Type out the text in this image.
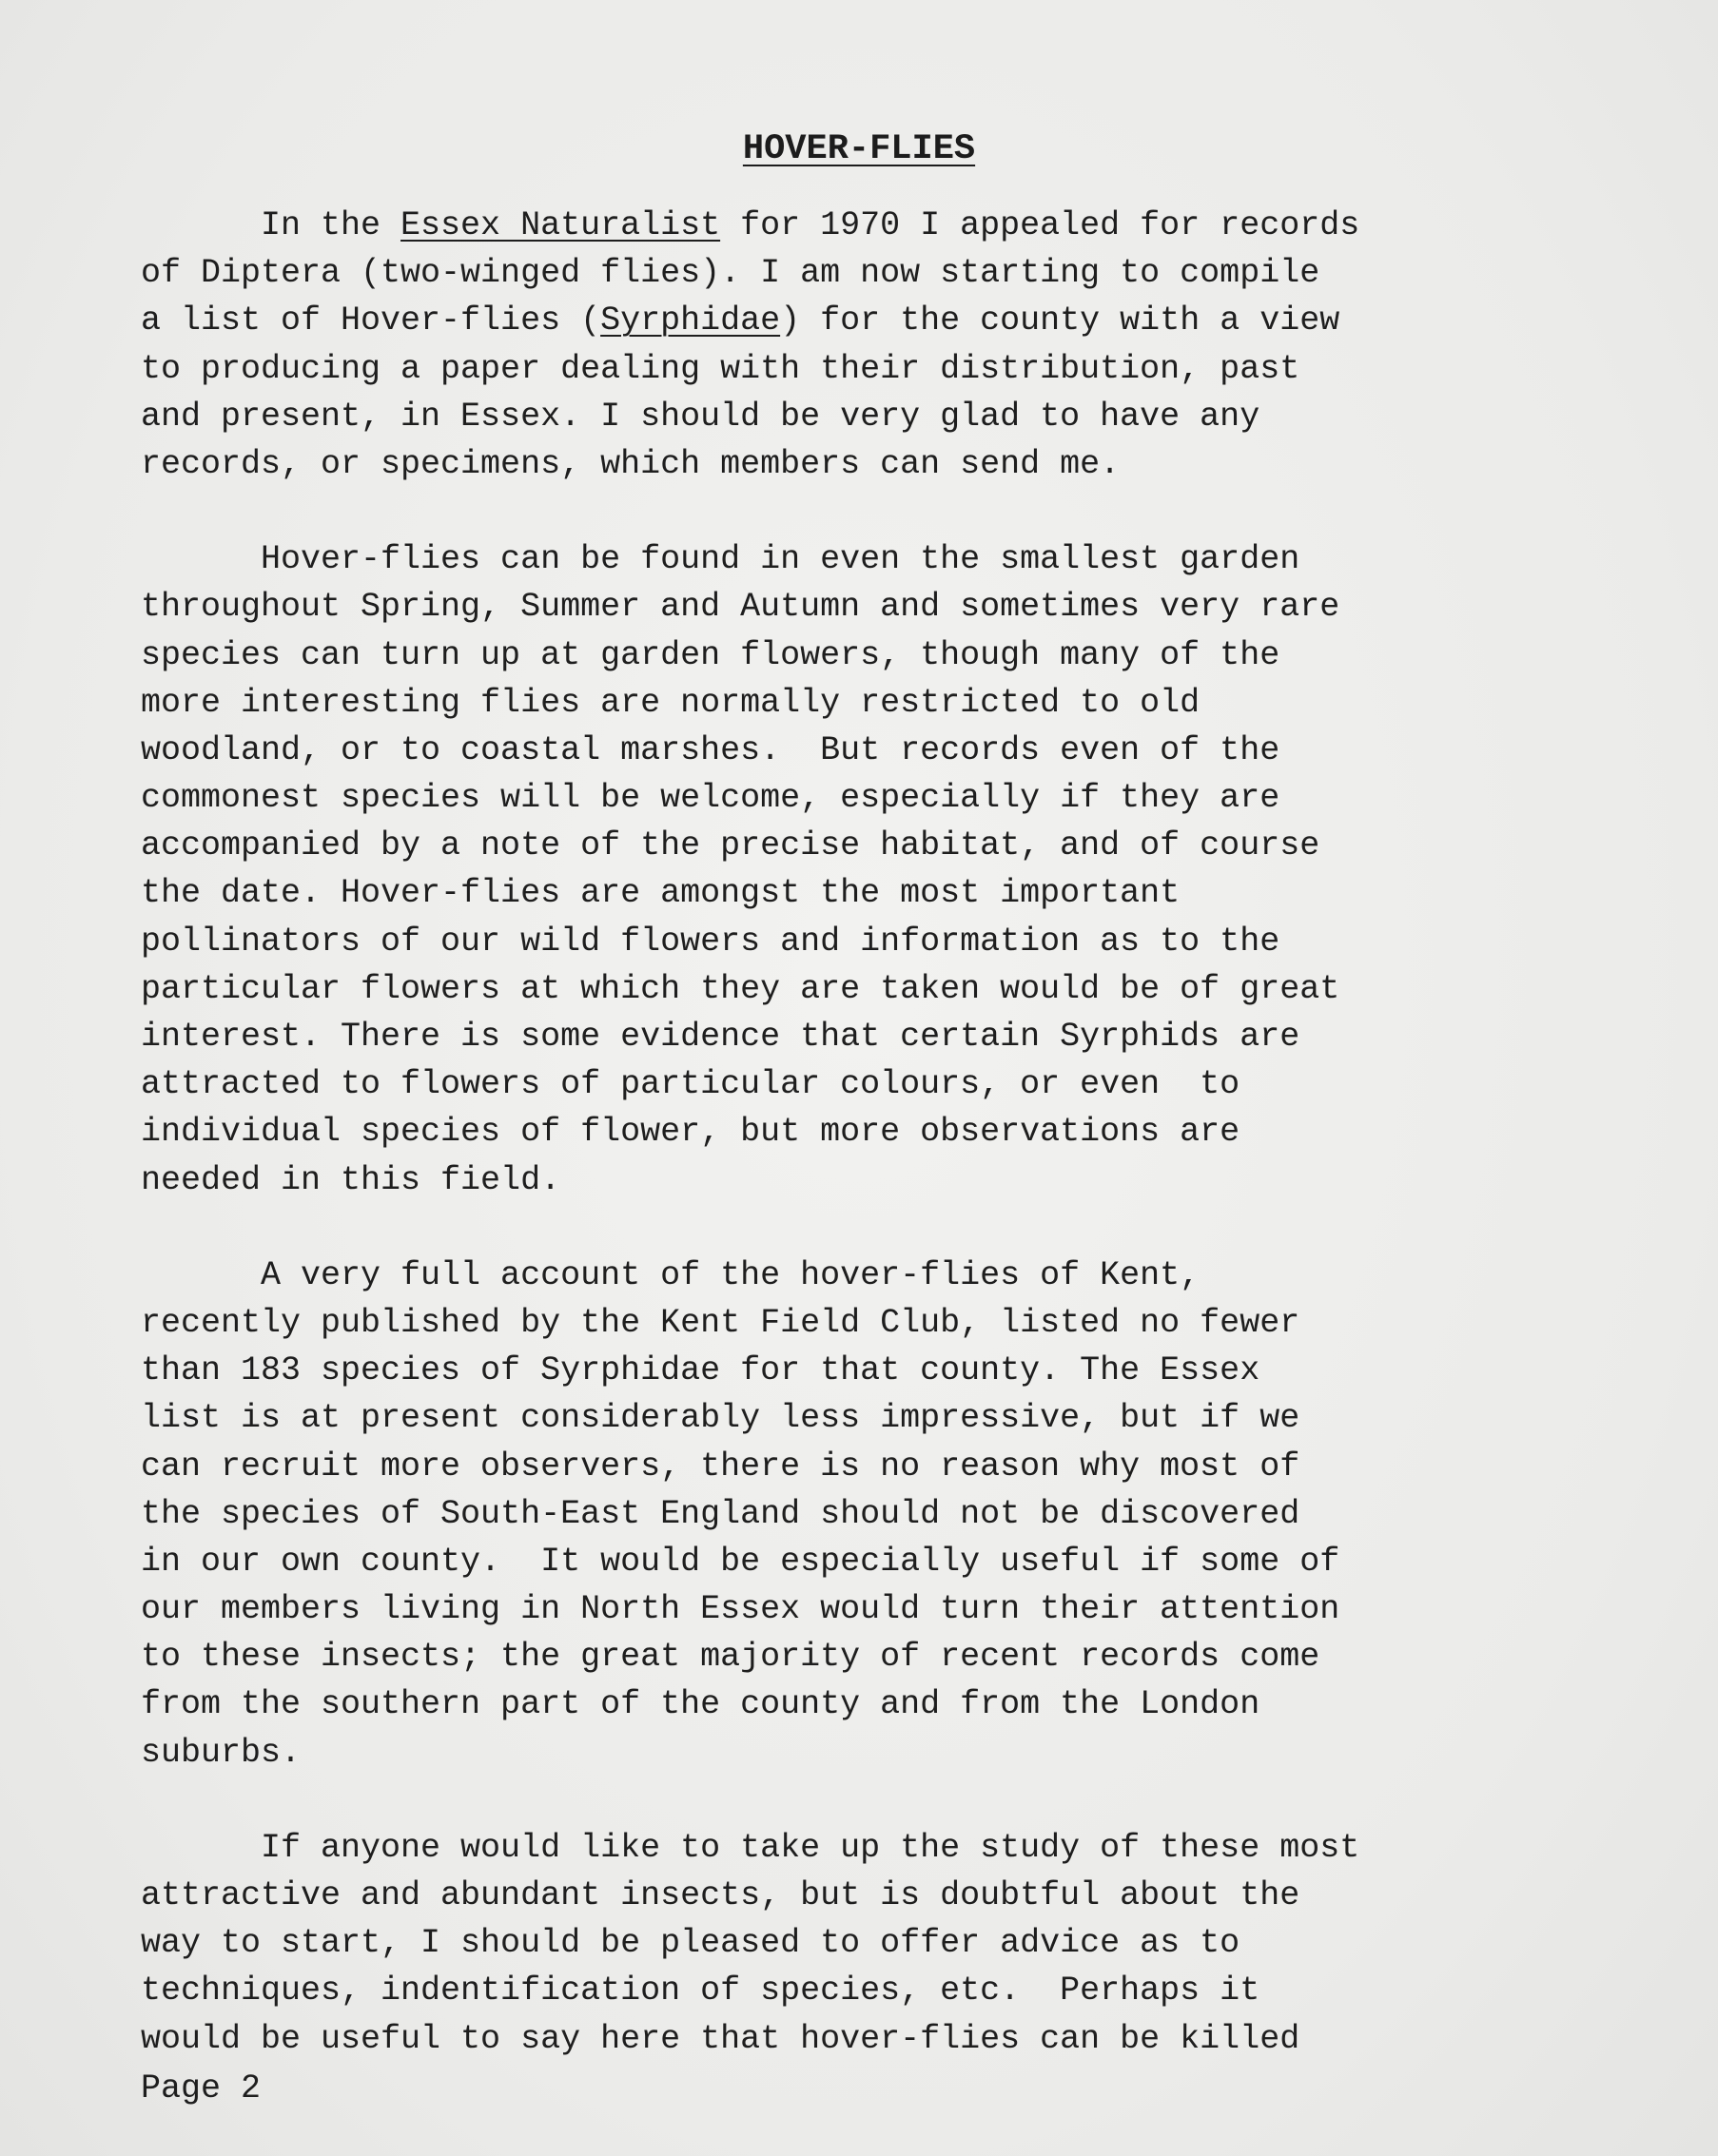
HOVER-FLIES
In the Essex Naturalist for 1970 I appealed for records
of Diptera (two-winged flies). I am now starting to compile
a list of Hover-flies (Syrphidae) for the county with a view
to producing a paper dealing with their distribution, past
and present, in Essex. I should be very glad to have any
records, or specimens, which members can send me.
Hover-flies can be found in even the smallest garden
throughout Spring, Summer and Autumn and sometimes very rare
species can turn up at garden flowers, though many of the
more interesting flies are normally restricted to old
woodland, or to coastal marshes.  But records even of the
commonest species will be welcome, especially if they are
accompanied by a note of the precise habitat, and of course
the date. Hover-flies are amongst the most important
pollinators of our wild flowers and information as to the
particular flowers at which they are taken would be of great
interest. There is some evidence that certain Syrphids are
attracted to flowers of particular colours, or even  to
individual species of flower, but more observations are
needed in this field.
A very full account of the hover-flies of Kent,
recently published by the Kent Field Club, listed no fewer
than 183 species of Syrphidae for that county. The Essex
list is at present considerably less impressive, but if we
can recruit more observers, there is no reason why most of
the species of South-East England should not be discovered
in our own county.  It would be especially useful if some of
our members living in North Essex would turn their attention
to these insects; the great majority of recent records come
from the southern part of the county and from the London
suburbs.
If anyone would like to take up the study of these most
attractive and abundant insects, but is doubtful about the
way to start, I should be pleased to offer advice as to
techniques, indentification of species, etc.  Perhaps it
would be useful to say here that hover-flies can be killed
Page 2
